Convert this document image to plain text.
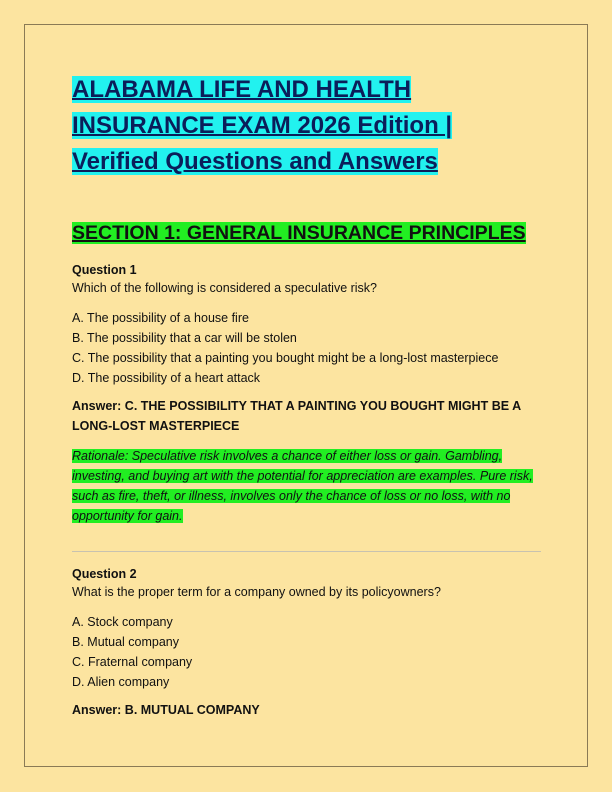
ALABAMA LIFE AND HEALTH INSURANCE EXAM 2026 Edition | Verified Questions and Answers
SECTION 1: GENERAL INSURANCE PRINCIPLES

Question 1

Which of the following is considered a speculative risk?

A. The possibility of a house fire
B. The possibility that a car will be stolen
C. The possibility that a painting you bought might be a long-lost masterpiece
D. The possibility of a heart attack

Answer: C. THE POSSIBILITY THAT A PAINTING YOU BOUGHT MIGHT BE A LONG-LOST MASTERPIECE

Rationale: Speculative risk involves a chance of either loss or gain. Gambling, investing, and buying art with the potential for appreciation are examples. Pure risk, such as fire, theft, or illness, involves only the chance of loss or no loss, with no opportunity for gain.

Question 2

What is the proper term for a company owned by its policyowners?

A. Stock company
B. Mutual company
C. Fraternal company
D. Alien company

Answer: B. MUTUAL COMPANY
